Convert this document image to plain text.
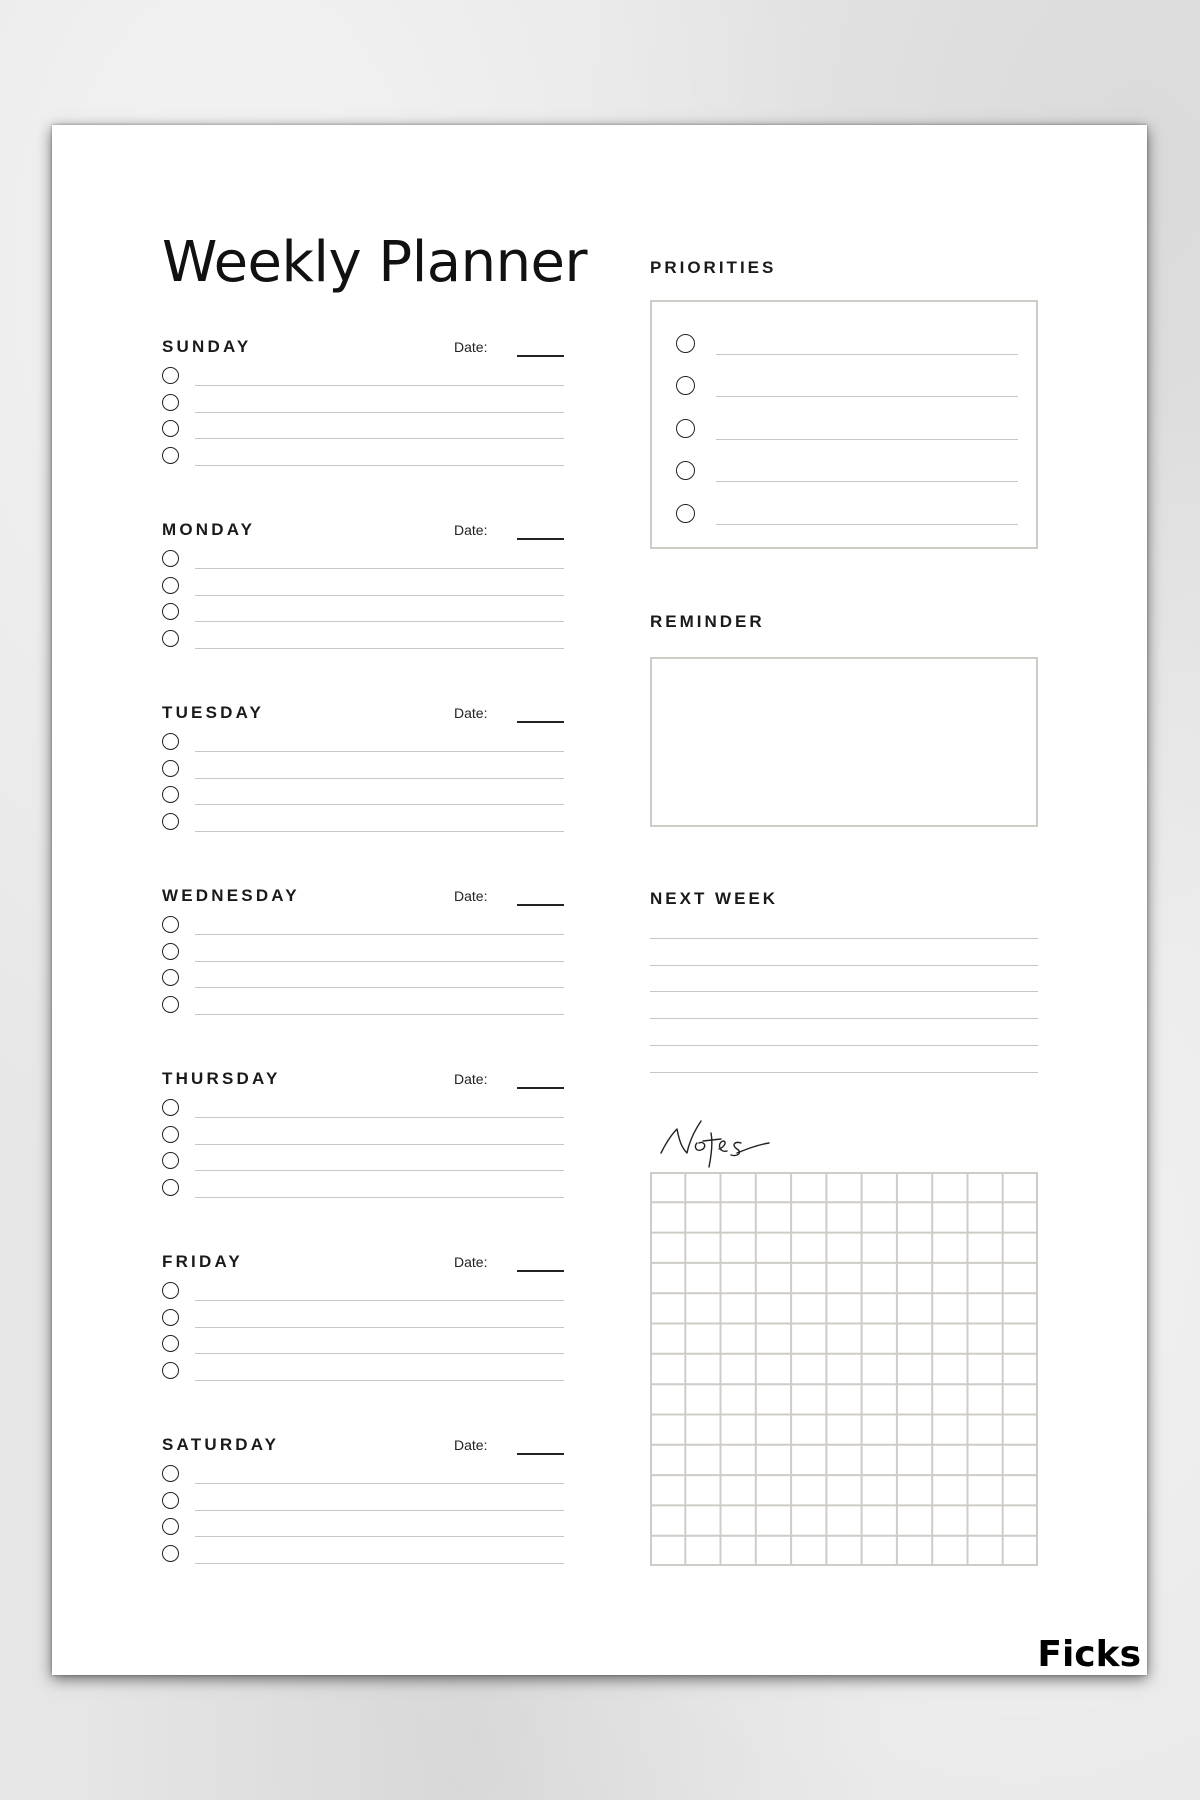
Weekly Planner
SUNDAY	Date:
MONDAY	Date:
TUESDAY	Date:
WEDNESDAY	Date:
THURSDAY	Date:
FRIDAY	Date:
SATURDAY	Date:
PRIORITIES
REMINDER
NEXT WEEK
Ficks
